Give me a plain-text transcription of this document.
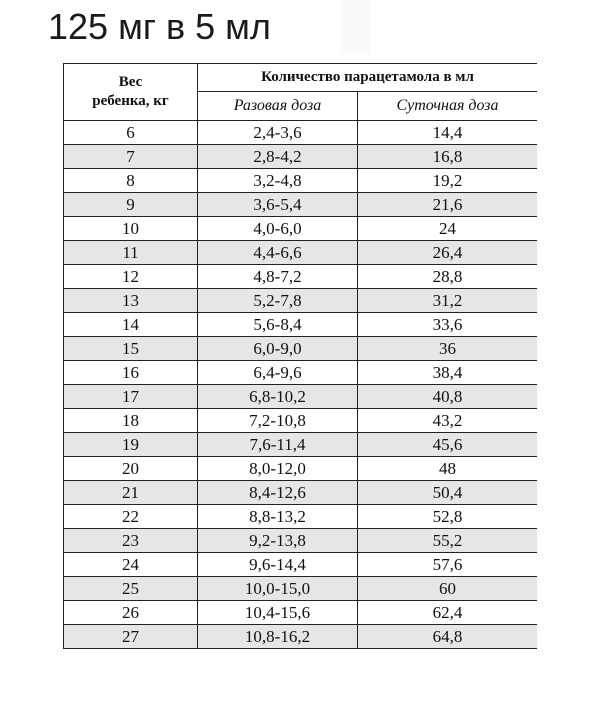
125 мг в 5 мл
Вес
ребенка, кг	Количество парацетамола в мл	
	Разовая доза	Суточная доза
6	2,4-3,6	14,4
7	2,8-4,2	16,8
8	3,2-4,8	19,2
9	3,6-5,4	21,6
10	4,0-6,0	24
11	4,4-6,6	26,4
12	4,8-7,2	28,8
13	5,2-7,8	31,2
14	5,6-8,4	33,6
15	6,0-9,0	36
16	6,4-9,6	38,4
17	6,8-10,2	40,8
18	7,2-10,8	43,2
19	7,6-11,4	45,6
20	8,0-12,0	48
21	8,4-12,6	50,4
22	8,8-13,2	52,8
23	9,2-13,8	55,2
24	9,6-14,4	57,6
25	10,0-15,0	60
26	10,4-15,6	62,4
27	10,8-16,2	64,8
